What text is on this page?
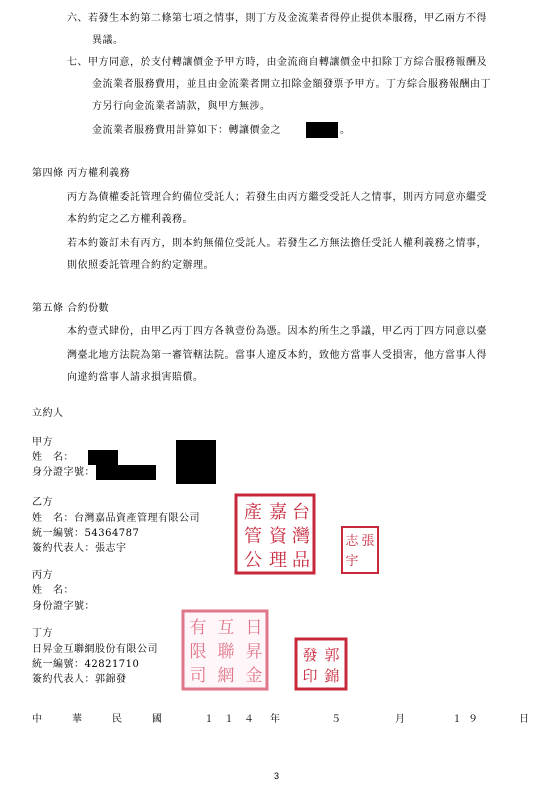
六、若發生本約第二條第七項之情事，則丁方及金流業者得停止提供本服務，甲乙兩方不得
異議。
七、甲方同意，於支付轉讓價金予甲方時，由金流商自轉讓價金中扣除丁方綜合服務報酬及
金流業者服務費用，並且由金流業者開立扣除金額發票予甲方。丁方綜合服務報酬由丁
方另行向金流業者請款，與甲方無涉。
金流業者服務費用計算如下：轉讓價金之	。
第四條 丙方權利義務
丙方為債權委託管理合約備位受託人；若發生由丙方繼受受託人之情事，則丙方同意亦繼受
本約約定之乙方權利義務。
若本約簽訂未有丙方，則本約無備位受託人。若發生乙方無法擔任受託人權利義務之情事，
則依照委託管理合約約定辦理。
第五條 合約份數
本約壹式肆份，由甲乙丙丁四方各執壹份為憑。因本約所生之爭議，甲乙丙丁四方同意以臺
灣臺北地方法院為第一審管轄法院。當事人違反本約，致他方當事人受損害，他方當事人得
向違約當事人請求損害賠償。
立約人
甲方
姓　名：
身分證字號：
乙方
姓　名：台灣嘉品資產管理有限公司
統一編號：54364787
簽約代表人：張志宇
台
灣
嘉
資
理
產
管
公 品
張
志
宇
丙方
姓　名：
身份證字號：
丁方
日昇金互聯網股份有限公司
統一編號：42821710
簽約代表人：郭錦發
日
昇
金
互
聯
網
有
限
司
郭
錦
發
印
中　華　民　國	１１４ 年	５	月	１９	日
3
